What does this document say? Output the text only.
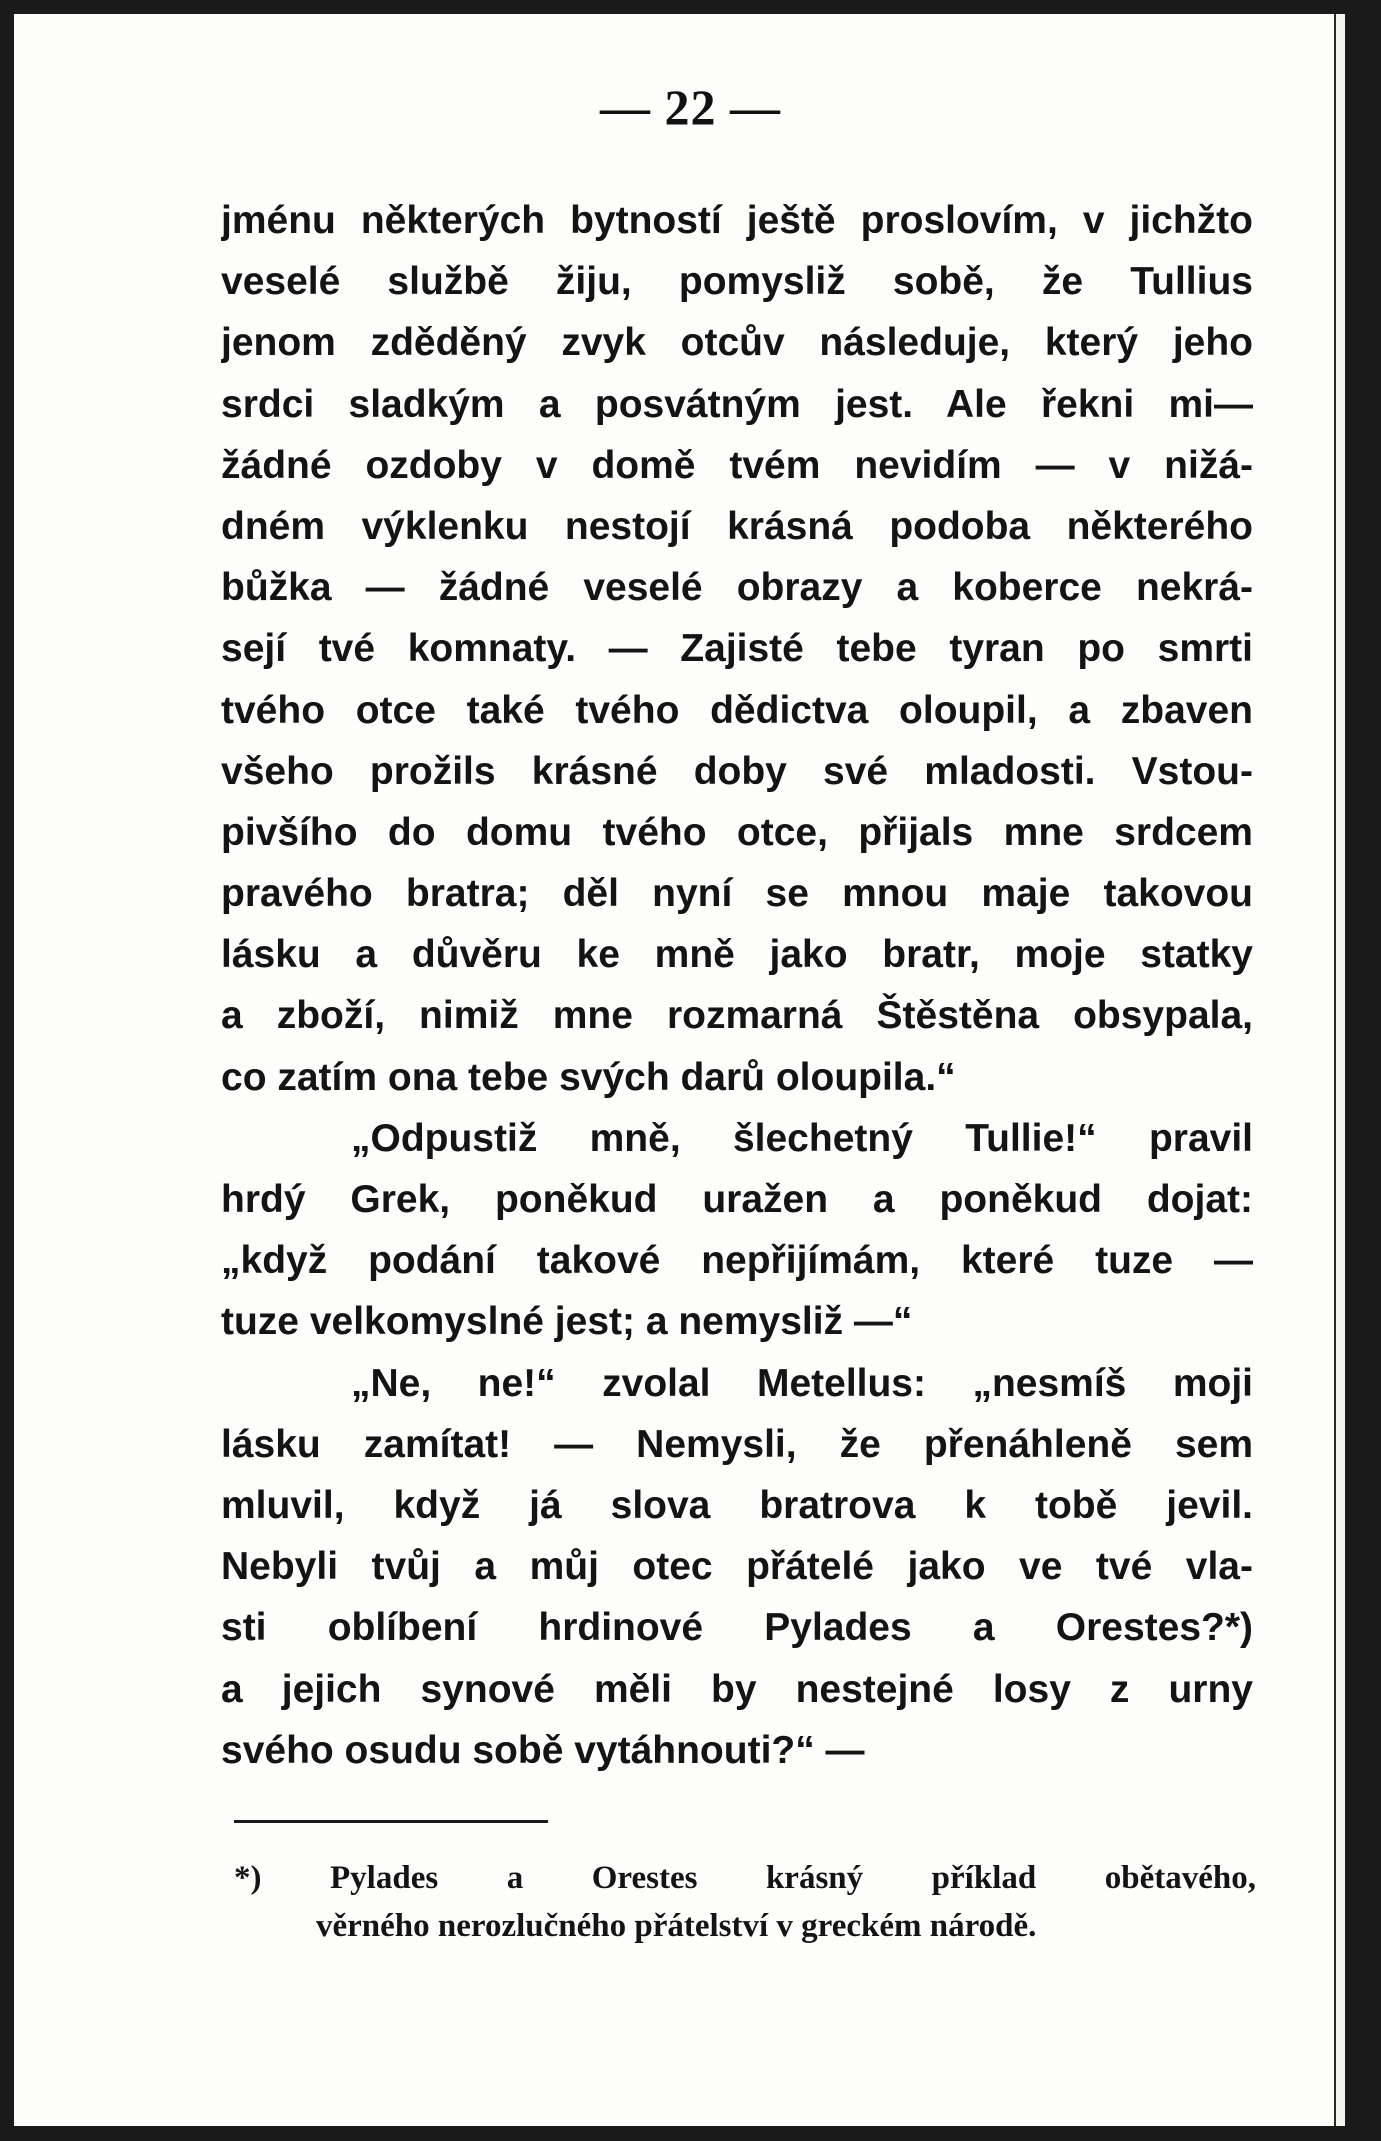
— 22 —
jménu některých bytností ještě proslovím, v jichžto
veselé službě žiju, pomysliž sobě, že Tullius
jenom zděděný zvyk otcův následuje, který jeho
srdci sladkým a posvátným jest. Ale řekni mi—
žádné ozdoby v domě tvém nevidím — v nižá-
dném výklenku nestojí krásná podoba některého
bůžka — žádné veselé obrazy a koberce nekrá-
sejí tvé komnaty. — Zajisté tebe tyran po smrti
tvého otce také tvého dědictva oloupil, a zbaven
všeho prožils krásné doby své mladosti. Vstou-
pivšího do domu tvého otce, přijals mne srdcem
pravého bratra; děl nyní se mnou maje takovou
lásku a důvěru ke mně jako bratr, moje statky
a zboží, nimiž mne rozmarná Štěstěna obsypala,
co zatím ona tebe svých darů oloupila.“
„Odpustiž mně, šlechetný Tullie!“ pravil
hrdý Grek, poněkud uražen a poněkud dojat:
„když podání takové nepřijímám, které tuze —
tuze velkomyslné jest; a nemysliž —“
„Ne, ne!“ zvolal Metellus: „nesmíš moji
lásku zamítat! — Nemysli, že přenáhleně sem
mluvil, když já slova bratrova k tobě jevil.
Nebyli tvůj a můj otec přátelé jako ve tvé vla-
sti oblíbení hrdinové Pylades a Orestes?*)
a jejich synové měli by nestejné losy z urny
svého osudu sobě vytáhnouti?“ —
*) Pylades a Orestes krásný příklad obětavého,
věrného nerozlučného přátelství v greckém národě.
